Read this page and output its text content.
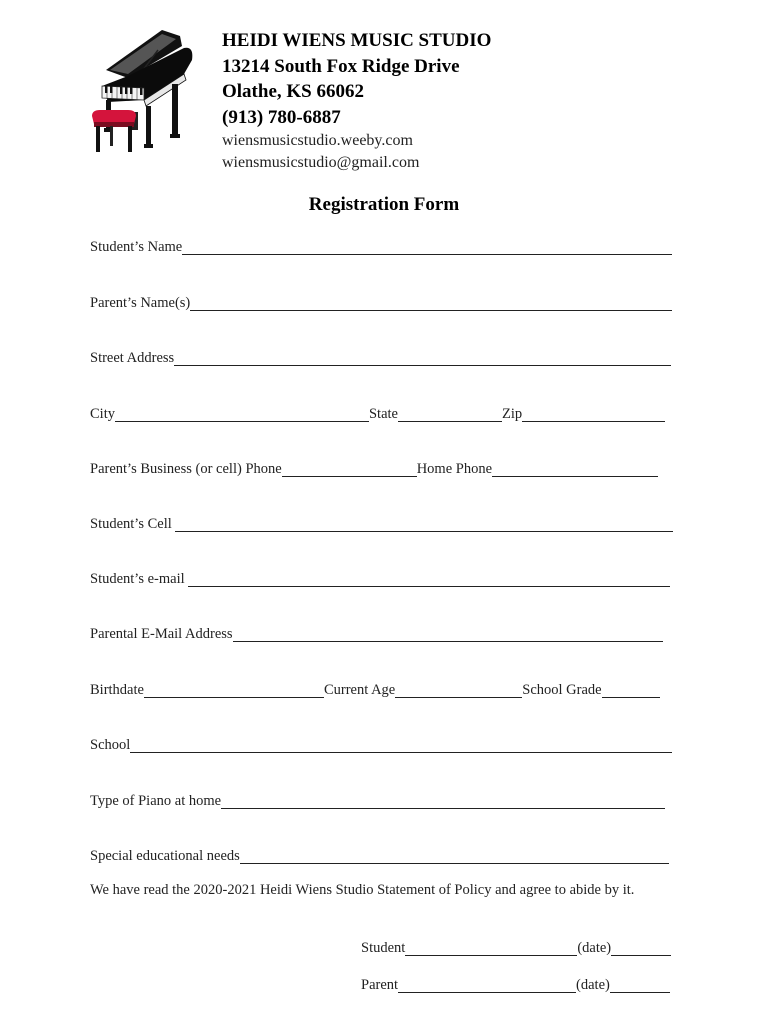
HEIDI WIENS MUSIC STUDIO
13214 South Fox Ridge Drive
Olathe, KS 66062
(913) 780-6887
wiensmusicstudio.weeby.com
wiensmusicstudio@gmail.com
Registration Form
Student’s Name
Parent’s Name(s)
Street Address
City	State	Zip
Parent’s Business (or cell) Phone	Home Phone
Student’s Cell
Student’s e-mail
Parental E-Mail Address
Birthdate	Current Age	School Grade
School
Type of Piano at home
Special educational needs
We have read the 2020-2021 Heidi Wiens Studio Statement of Policy and agree to abide by it.
Student	(date)
Parent	(date)
